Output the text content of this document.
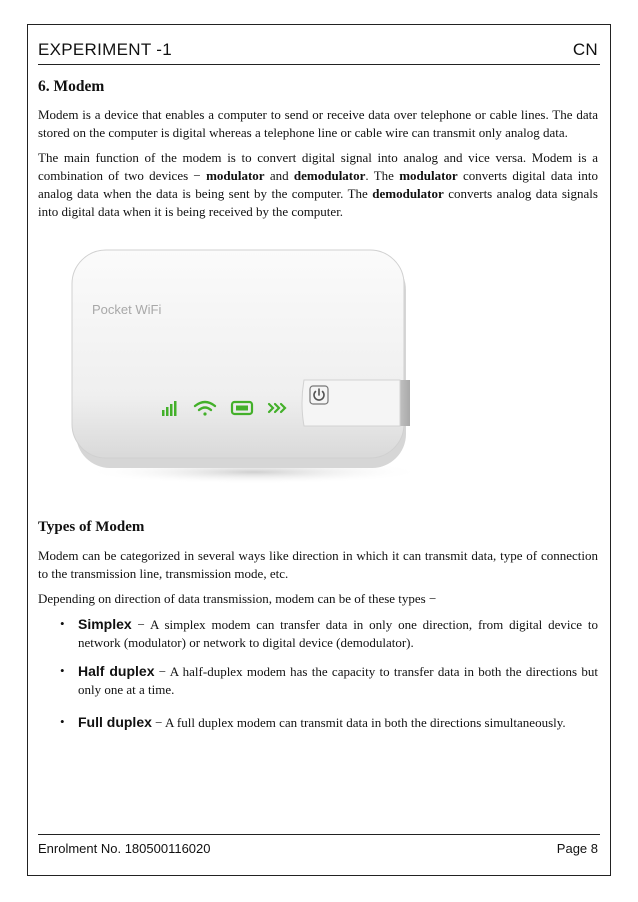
EXPERIMENT -1	CN
6. Modem

Modem is a device that enables a computer to send or receive data over telephone or cable lines. The data stored on the computer is digital whereas a telephone line or cable wire can transmit only analog data.

The main function of the modem is to convert digital signal into analog and vice versa. Modem is a combination of two devices − modulator and demodulator. The modulator converts digital data into analog data when the data is being sent by the computer. The demodulator converts analog data signals into digital data when it is being received by the computer.

Pocket WiFi
Types of Modem

Modem can be categorized in several ways like direction in which it can transmit data, type of connection to the transmission line, transmission mode, etc.

Depending on direction of data transmission, modem can be of these types −

• Simplex − A simplex modem can transfer data in only one direction, from digital device to network (modulator) or network to digital device (demodulator).
• Half duplex − A half-duplex modem has the capacity to transfer data in both the directions but only one at a time.
• Full duplex − A full duplex modem can transmit data in both the directions simultaneously.
Enrolment No. 180500116020	Page 8
